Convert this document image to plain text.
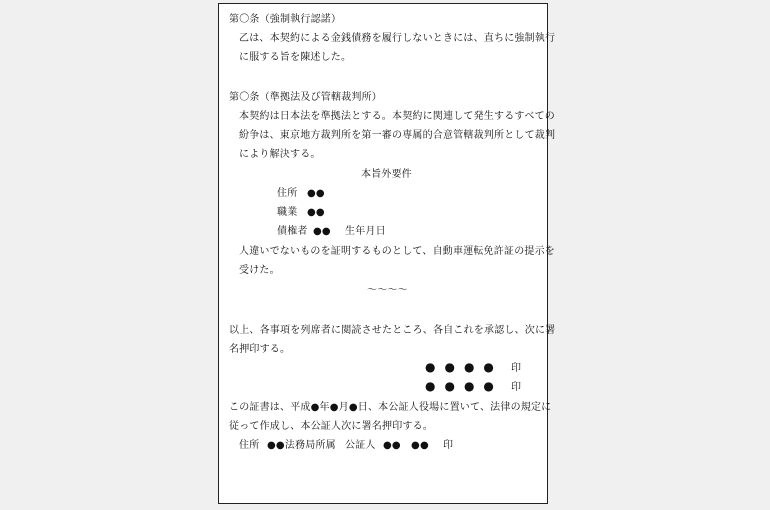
第〇条（強制執行認諾）
乙は、本契約による金銭債務を履行しないときには、直ちに強制執行
に服する旨を陳述した。
第〇条（準拠法及び管轄裁判所）
本契約は日本法を準拠法とする。本契約に関連して発生するすべての
紛争は、東京地方裁判所を第一審の専属的合意管轄裁判所として裁判
により解決する。
本旨外要件
住所 ●●
職業 ●●
債権者 ●● 生年月日
人違いでないものを証明するものとして、自動車運転免許証の提示を
受けた。
〜〜〜〜
以上、各事項を列席者に閲読させたところ、各自これを承認し、次に署
名押印する。
●●●● 印
●●●● 印
この証書は、平成●年●月●日、本公証人役場に置いて、法律の規定に
従って作成し、本公証人次に署名押印する。
住所 ●●法務局所属 公証人 ●●　●● 印
